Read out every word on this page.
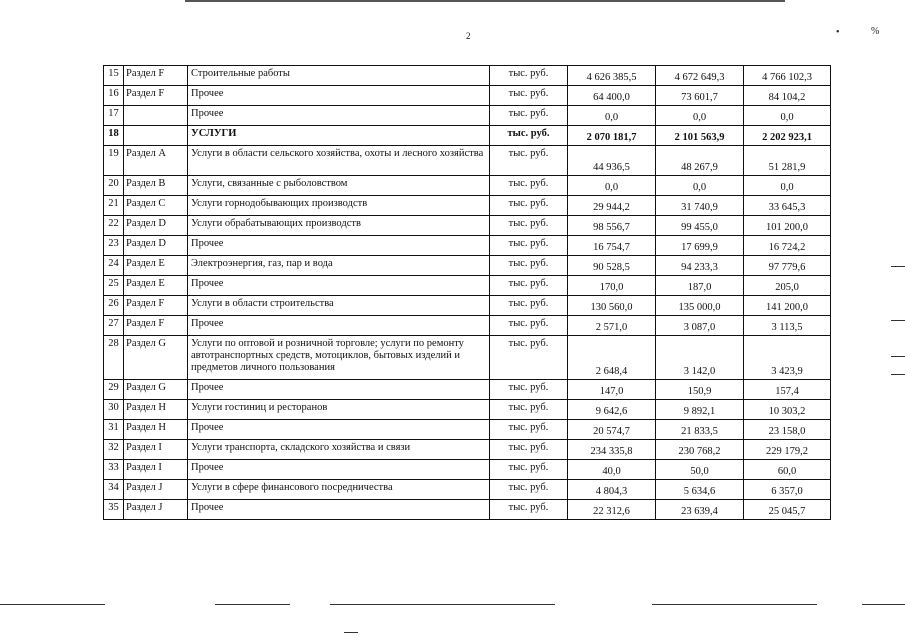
2	•	%
15	Раздел F	Строительные работы	тыс. руб.	4 626 385,5	4 672 649,3	4 766 102,3
16	Раздел F	Прочее	тыс. руб.	64 400,0	73 601,7	84 104,2
17		Прочее	тыс. руб.	0,0	0,0	0,0
18		УСЛУГИ	тыс. руб.	2 070 181,7	2 101 563,9	2 202 923,1
19	Раздел А	Услуги в области сельского хозяйства, охоты и лесного хозяйства	тыс. руб.	44 936,5	48 267,9	51 281,9
20	Раздел В	Услуги, связанные с рыболовством	тыс. руб.	0,0	0,0	0,0
21	Раздел С	Услуги горнодобывающих производств	тыс. руб.	29 944,2	31 740,9	33 645,3
22	Раздел D	Услуги обрабатывающих производств	тыс. руб.	98 556,7	99 455,0	101 200,0
23	Раздел D	Прочее	тыс. руб.	16 754,7	17 699,9	16 724,2
24	Раздел Е	Электроэнергия, газ, пар и вода	тыс. руб.	90 528,5	94 233,3	97 779,6
25	Раздел Е	Прочее	тыс. руб.	170,0	187,0	205,0
26	Раздел F	Услуги в области строительства	тыс. руб.	130 560,0	135 000,0	141 200,0
27	Раздел F	Прочее	тыс. руб.	2 571,0	3 087,0	3 113,5
28	Раздел G	Услуги по оптовой и розничной торговле; услуги по ремонту автотранспортных средств, мотоциклов, бытовых изделий и предметов личного пользования	тыс. руб.	2 648,4	3 142,0	3 423,9
29	Раздел G	Прочее	тыс. руб.	147,0	150,9	157,4
30	Раздел Н	Услуги гостиниц и ресторанов	тыс. руб.	9 642,6	9 892,1	10 303,2
31	Раздел Н	Прочее	тыс. руб.	20 574,7	21 833,5	23 158,0
32	Раздел I	Услуги транспорта, складского хозяйства и связи	тыс. руб.	234 335,8	230 768,2	229 179,2
33	Раздел I	Прочее	тыс. руб.	40,0	50,0	60,0
34	Раздел J	Услуги в сфере финансового посредничества	тыс. руб.	4 804,3	5 634,6	6 357,0
35	Раздел J	Прочее	тыс. руб.	22 312,6	23 639,4	25 045,7
